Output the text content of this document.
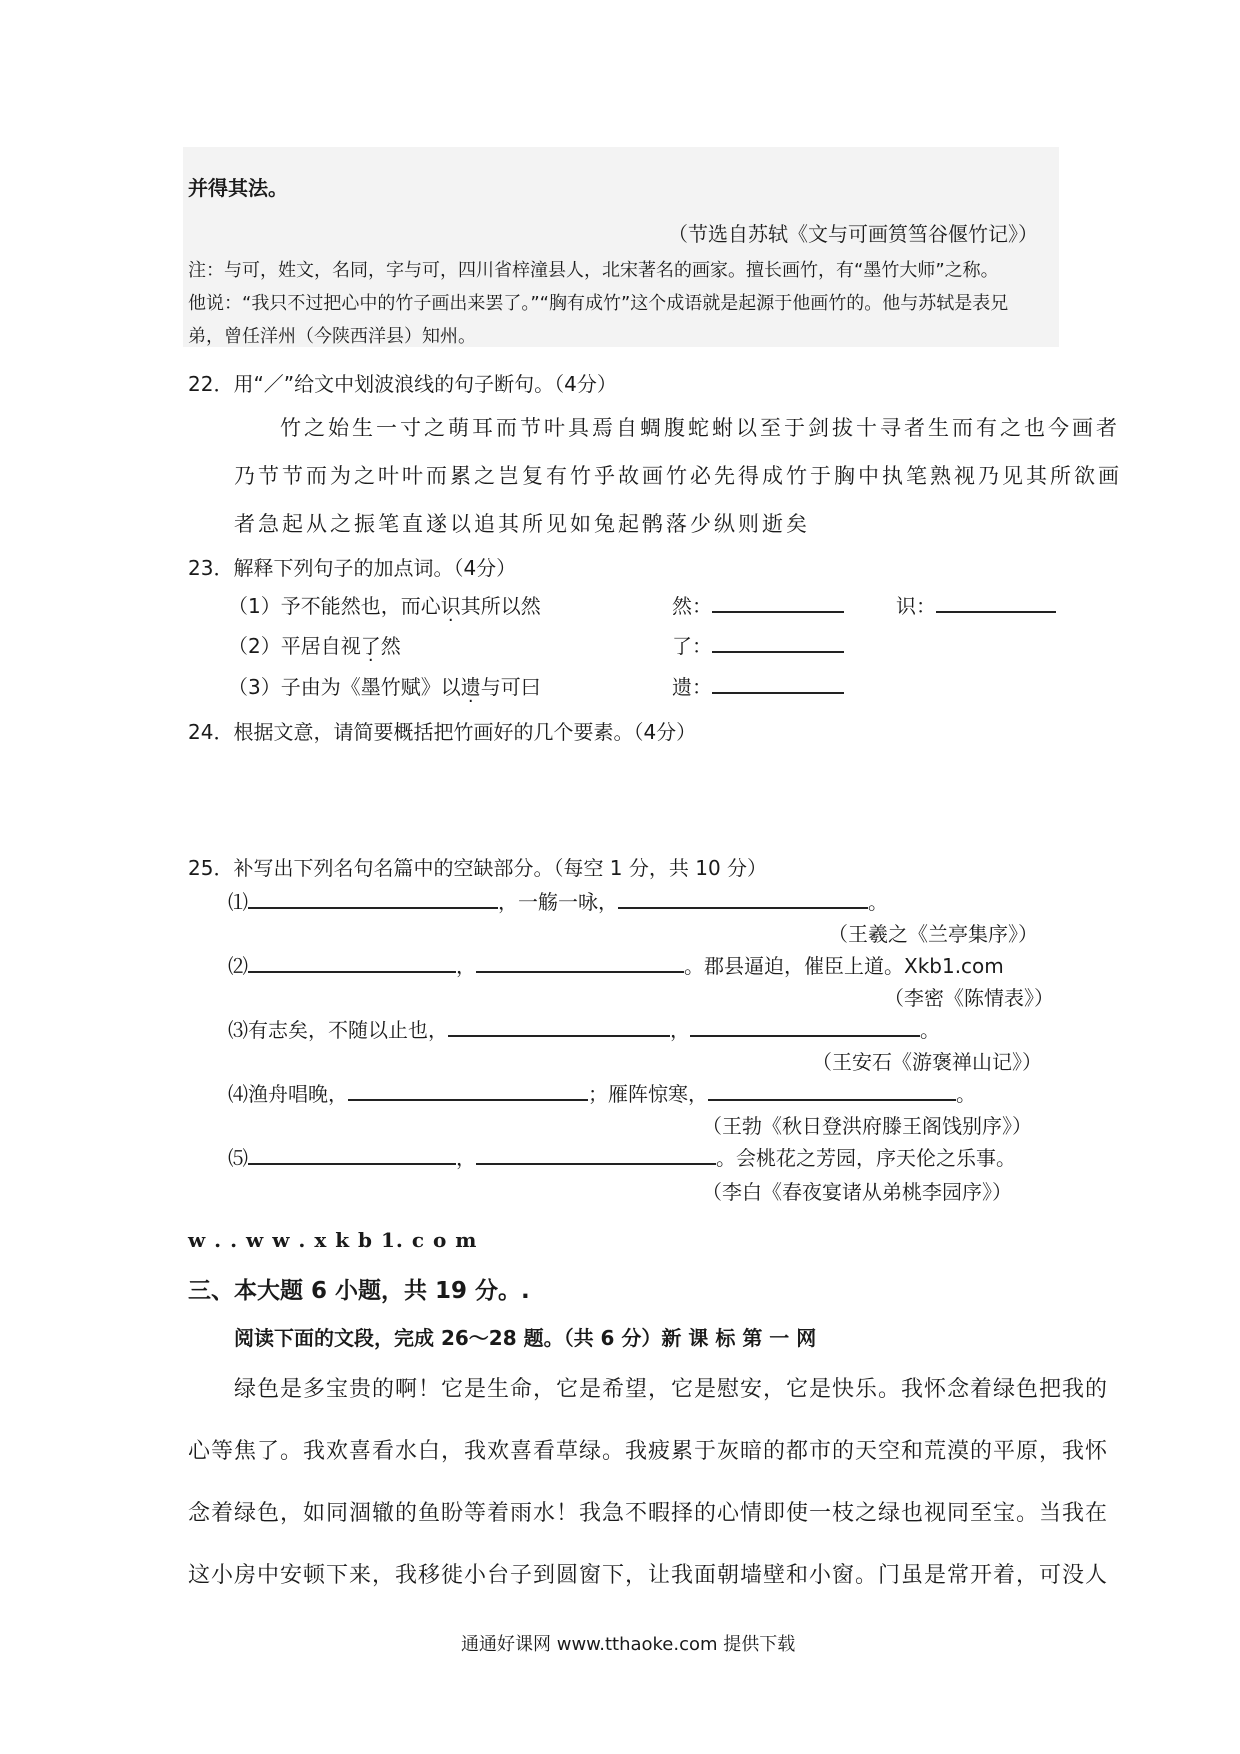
并得其法。
（节选自苏轼《文与可画筼筜谷偃竹记》）
注：与可，姓文，名同，字与可，四川省梓潼县人，北宋著名的画家。擅长画竹，有“墨竹大师”之称。
他说：“我只不过把心中的竹子画出来罢了。”“胸有成竹”这个成语就是起源于他画竹的。他与苏轼是表兄
弟，曾任洋州（今陕西洋县）知州。
22．用“／”给文中划波浪线的句子断句。（4分）
竹之始生一寸之萌耳而节叶具焉自蜩腹蛇蚹以至于剑拔十寻者生而有之也今画者
乃节节而为之叶叶而累之岂复有竹乎故画竹必先得成竹于胸中执笔熟视乃见其所欲画
者急起从之振笔直遂以追其所见如兔起鹘落少纵则逝矣
23．解释下列句子的加点词。（4分）
（1）予不能然也，而心识其所以然	然：	识：
（2）平居自视了然	了：
（3）子由为《墨竹赋》以遗与可曰	遗：
24．根据文意，请简要概括把竹画好的几个要素。（4分）
25．补写出下列名句名篇中的空缺部分。（每空 1 分，共 10 分）
⑴	，一觞一咏，	。
（王羲之《兰亭集序》）
⑵	，	。郡县逼迫，催臣上道。Xkb1.com
（李密《陈情表》）
⑶有志矣，不随以止也，	，	。
（王安石《游褒禅山记》）
⑷渔舟唱晚，	；雁阵惊寒，	。
（王勃《秋日登洪府滕王阁饯别序》）
⑸	，	。会桃花之芳园，序天伦之乐事。
（李白《春夜宴诸从弟桃李园序》）
w . . w w . x k b 1. c o m
三、本大题 6 小题，共 19 分。.
阅读下面的文段，完成 26～28 题。（共 6 分）新 课 标 第 一 网
绿色是多宝贵的啊！它是生命，它是希望，它是慰安，它是快乐。我怀念着绿色把我的
心等焦了。我欢喜看水白，我欢喜看草绿。我疲累于灰暗的都市的天空和荒漠的平原，我怀
念着绿色，如同涸辙的鱼盼等着雨水！我急不暇择的心情即使一枝之绿也视同至宝。当我在
这小房中安顿下来，我移徙小台子到圆窗下，让我面朝墙壁和小窗。门虽是常开着，可没人
通通好课网 www.tthaoke.com 提供下载
